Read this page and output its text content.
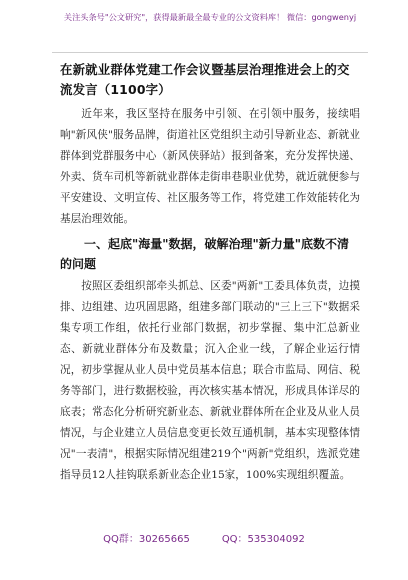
关注头条号"公文研究"，获得最新最全最专业的公文资料库！ 微信：gongwenyj
在新就业群体党建工作会议暨基层治理推进会上的交流发言（1100字）

近年来，我区坚持在服务中引领、在引领中服务，接续唱响"新风侠"服务品牌，街道社区党组织主动引导新业态、新就业群体到党群服务中心（新风侠驿站）报到备案，充分发挥快递、外卖、货车司机等新就业群体走街串巷职业优势，就近就便参与平安建设、文明宣传、社区服务等工作，将党建工作效能转化为基层治理效能。

一、起底"海量"数据，破解治理"新力量"底数不清的问题

按照区委组织部牵头抓总、区委"两新"工委具体负责，边摸排、边组建、边巩固思路，组建多部门联动的"三上三下"数据采集专项工作组，依托行业部门数据，初步掌握、集中汇总新业态、新就业群体分布及数量；沉入企业一线，了解企业运行情况，初步掌握从业人员中党员基本信息；联合市监局、网信、税务等部门，进行数据校验，再次核实基本情况，形成具体详尽的底表；常态化分析研究新业态、新就业群体所在企业及从业人员情况，与企业建立人员信息变更长效互通机制，基本实现整体情况"一表清"，根据实际情况组建219个"两新"党组织，选派党建指导员12人挂钩联系新业态企业15家，100%实现组织覆盖。

QQ群：30265665	QQ：535304092
